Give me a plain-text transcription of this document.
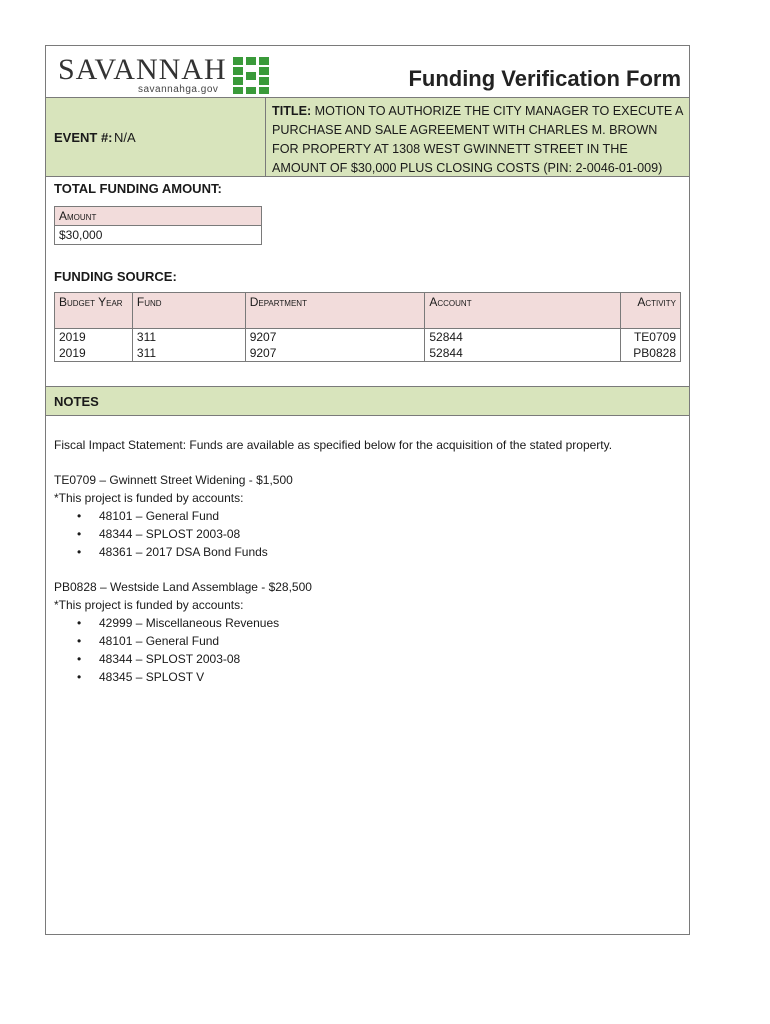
SAVANNAH
savannahga.gov	Funding Verification Form
EVENT #: N/A
TITLE: MOTION TO AUTHORIZE THE CITY MANAGER TO EXECUTE A PURCHASE AND SALE AGREEMENT WITH CHARLES M. BROWN FOR PROPERTY AT 1308 WEST GWINNETT STREET IN THE AMOUNT OF $30,000 PLUS CLOSING COSTS (PIN: 2-0046-01-009)
TOTAL FUNDING AMOUNT:
Amount
$30,000
FUNDING SOURCE:
Budget Year	Fund	Department	Account	Activity
2019	311	9207	52844	TE0709
2019	311	9207	52844	PB0828
NOTES

Fiscal Impact Statement: Funds are available as specified below for the acquisition of the stated property.

TE0709 – Gwinnett Street Widening - $1,500

*This project is funded by accounts:

• 48101 – General Fund
• 48344 – SPLOST 2003-08
• 48361 – 2017 DSA Bond Funds

PB0828 – Westside Land Assemblage - $28,500

*This project is funded by accounts:

• 42999 – Miscellaneous Revenues
• 48101 – General Fund
• 48344 – SPLOST 2003-08
• 48345 – SPLOST V
